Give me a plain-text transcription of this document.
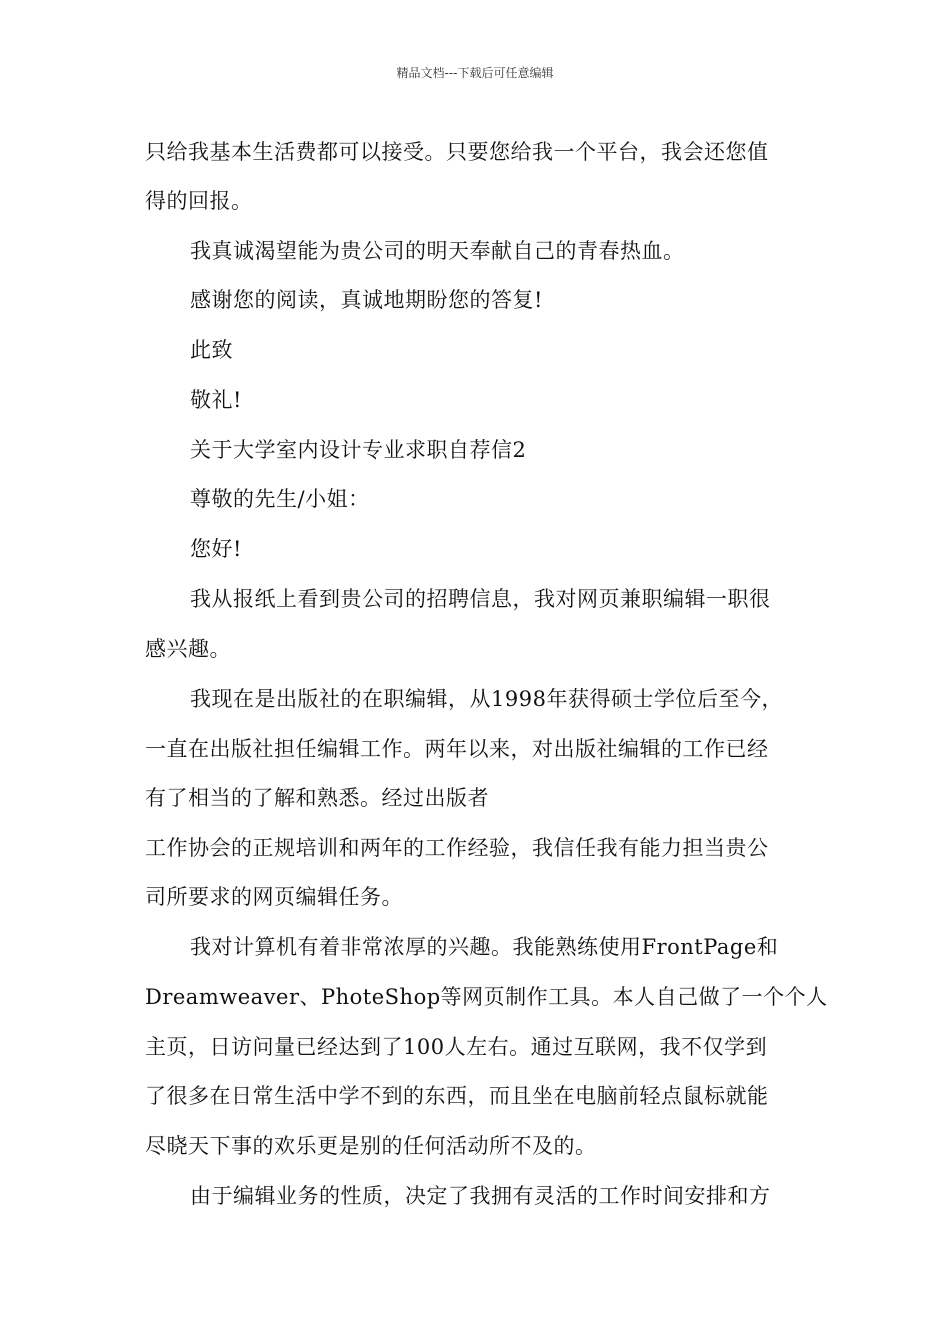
精品文档---下载后可任意编辑
只给我基本生活费都可以接受。只要您给我一个平台，我会还您值
得的回报。
我真诚渴望能为贵公司的明天奉献自己的青春热血。
感谢您的阅读，真诚地期盼您的答复!
此致
敬礼!
关于大学室内设计专业求职自荐信2
尊敬的先生/小姐：
您好!
我从报纸上看到贵公司的招聘信息，我对网页兼职编辑一职很
感兴趣。
我现在是出版社的在职编辑，从1998年获得硕士学位后至今，
一直在出版社担任编辑工作。两年以来，对出版社编辑的工作已经
有了相当的了解和熟悉。经过出版者
工作协会的正规培训和两年的工作经验，我信任我有能力担当贵公
司所要求的网页编辑任务。
我对计算机有着非常浓厚的兴趣。我能熟练使用FrontPage和
Dreamweaver、PhoteShop等网页制作工具。本人自己做了一个个人
主页，日访问量已经达到了100人左右。通过互联网，我不仅学到
了很多在日常生活中学不到的东西，而且坐在电脑前轻点鼠标就能
尽晓天下事的欢乐更是别的任何活动所不及的。
由于编辑业务的性质，决定了我拥有灵活的工作时间安排和方
